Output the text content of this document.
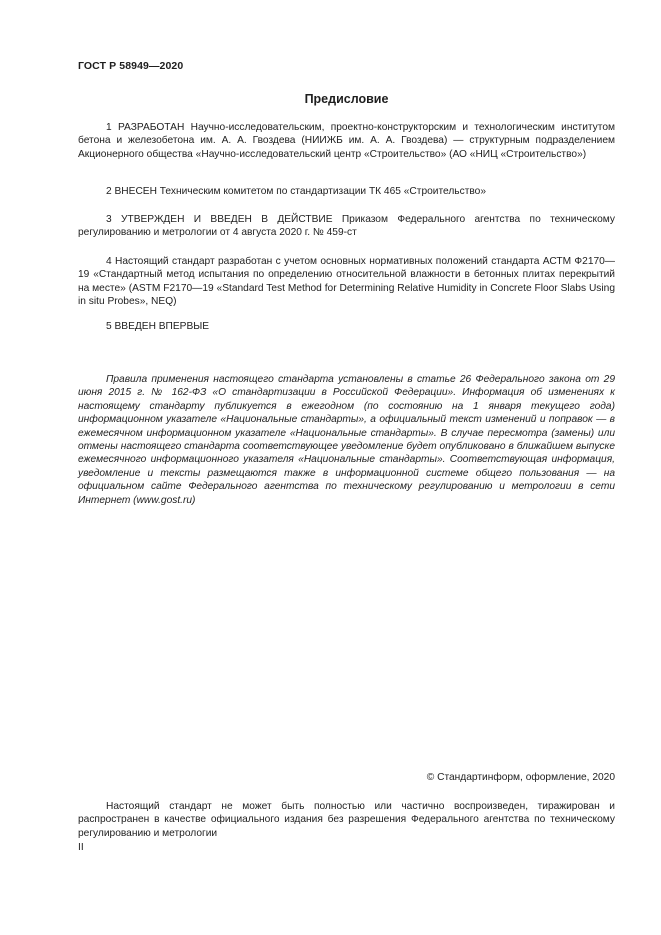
ГОСТ Р 58949—2020
Предисловие

1 РАЗРАБОТАН Научно-исследовательским, проектно-конструкторским и технологическим институтом бетона и железобетона им. А. А. Гвоздева (НИИЖБ им. А. А. Гвоздева) — структурным подразделением Акционерного общества «Научно-исследовательский центр «Строительство» (АО «НИЦ «Строительство»)

2 ВНЕСЕН Техническим комитетом по стандартизации ТК 465 «Строительство»

3 УТВЕРЖДЕН И ВВЕДЕН В ДЕЙСТВИЕ Приказом Федерального агентства по техническому регулированию и метрологии от 4 августа 2020 г. № 459-ст

4 Настоящий стандарт разработан с учетом основных нормативных положений стандарта АСТМ Ф2170—19 «Стандартный метод испытания по определению относительной влажности в бетонных плитах перекрытий на месте» (ASTM F2170—19 «Standard Test Method for Determining Relative Humidity in Concrete Floor Slabs Using in situ Probes», NEQ)

5 ВВЕДЕН ВПЕРВЫЕ

Правила применения настоящего стандарта установлены в статье 26 Федерального закона от 29 июня 2015 г. № 162-ФЗ «О стандартизации в Российской Федерации». Информация об изменениях к настоящему стандарту публикуется в ежегодном (по состоянию на 1 января текущего года) информационном указателе «Национальные стандарты», а официальный текст изменений и поправок — в ежемесячном информационном указателе «Национальные стандарты». В случае пересмотра (замены) или отмены настоящего стандарта соответствующее уведомление будет опубликовано в ближайшем выпуске ежемесячного информационного указателя «Национальные стандарты». Соответствующая информация, уведомление и тексты размещаются также в информационной системе общего пользования — на официальном сайте Федерального агентства по техническому регулированию и метрологии в сети Интернет (www.gost.ru)

© Стандартинформ, оформление, 2020

Настоящий стандарт не может быть полностью или частично воспроизведен, тиражирован и распространен в качестве официального издания без разрешения Федерального агентства по техническому регулированию и метрологии

II
